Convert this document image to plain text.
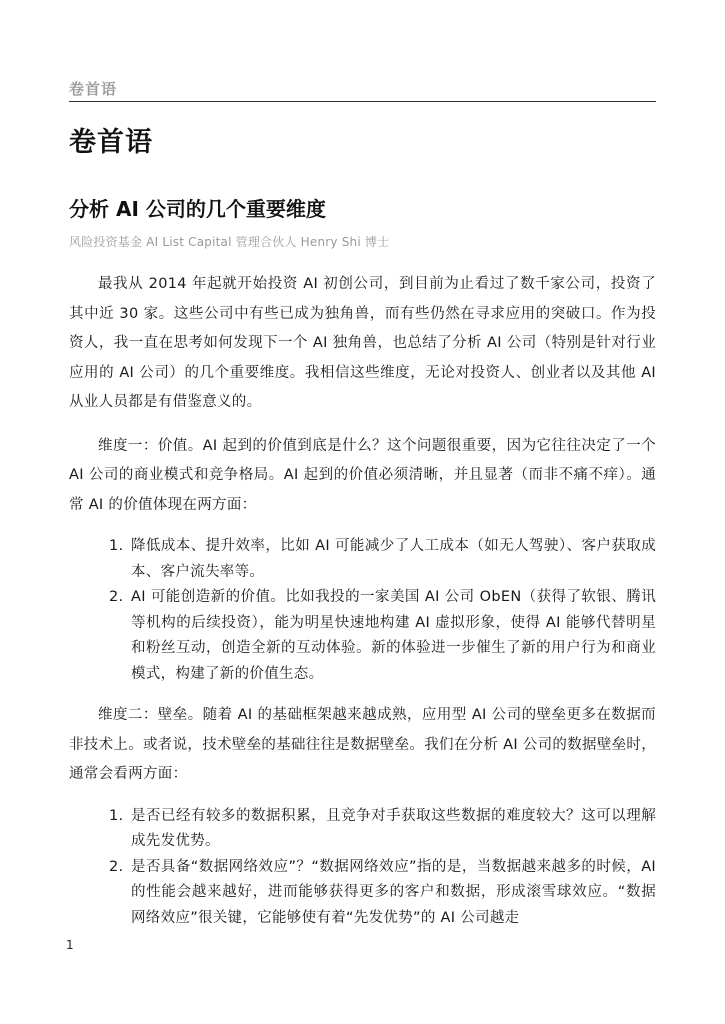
卷首语
卷首语
分析 AI 公司的几个重要维度
风险投资基金 AI List Capital 管理合伙人 Henry Shi 博士

最我从 2014 年起就开始投资 AI 初创公司，到目前为止看过了数千家公司，投资了其中近 30 家。这些公司中有些已成为独角兽，而有些仍然在寻求应用的突破口。作为投资人，我一直在思考如何发现下一个 AI 独角兽，也总结了分析 AI 公司（特别是针对行业应用的 AI 公司）的几个重要维度。我相信这些维度，无论对投资人、创业者以及其他 AI 从业人员都是有借鉴意义的。

维度一：价值。AI 起到的价值到底是什么？这个问题很重要，因为它往往决定了一个 AI 公司的商业模式和竞争格局。AI 起到的价值必须清晰，并且显著（而非不痛不痒）。通常 AI 的价值体现在两方面：

1. 降低成本、提升效率，比如 AI 可能减少了人工成本（如无人驾驶）、客户获取成本、客户流失率等。
2. AI 可能创造新的价值。比如我投的一家美国 AI 公司 ObEN（获得了软银、腾讯等机构的后续投资），能为明星快速地构建 AI 虚拟形象，使得 AI 能够代替明星和粉丝互动，创造全新的互动体验。新的体验进一步催生了新的用户行为和商业模式，构建了新的价值生态。

维度二：壁垒。随着 AI 的基础框架越来越成熟，应用型 AI 公司的壁垒更多在数据而非技术上。或者说，技术壁垒的基础往往是数据壁垒。我们在分析 AI 公司的数据壁垒时，通常会看两方面：

1. 是否已经有较多的数据积累，且竞争对手获取这些数据的难度较大？这可以理解成先发优势。
2. 是否具备“数据网络效应”？“数据网络效应”指的是，当数据越来越多的时候，AI 的性能会越来越好，进而能够获得更多的客户和数据，形成滚雪球效应。“数据网络效应”很关键，它能够使有着“先发优势”的 AI 公司越走
1
